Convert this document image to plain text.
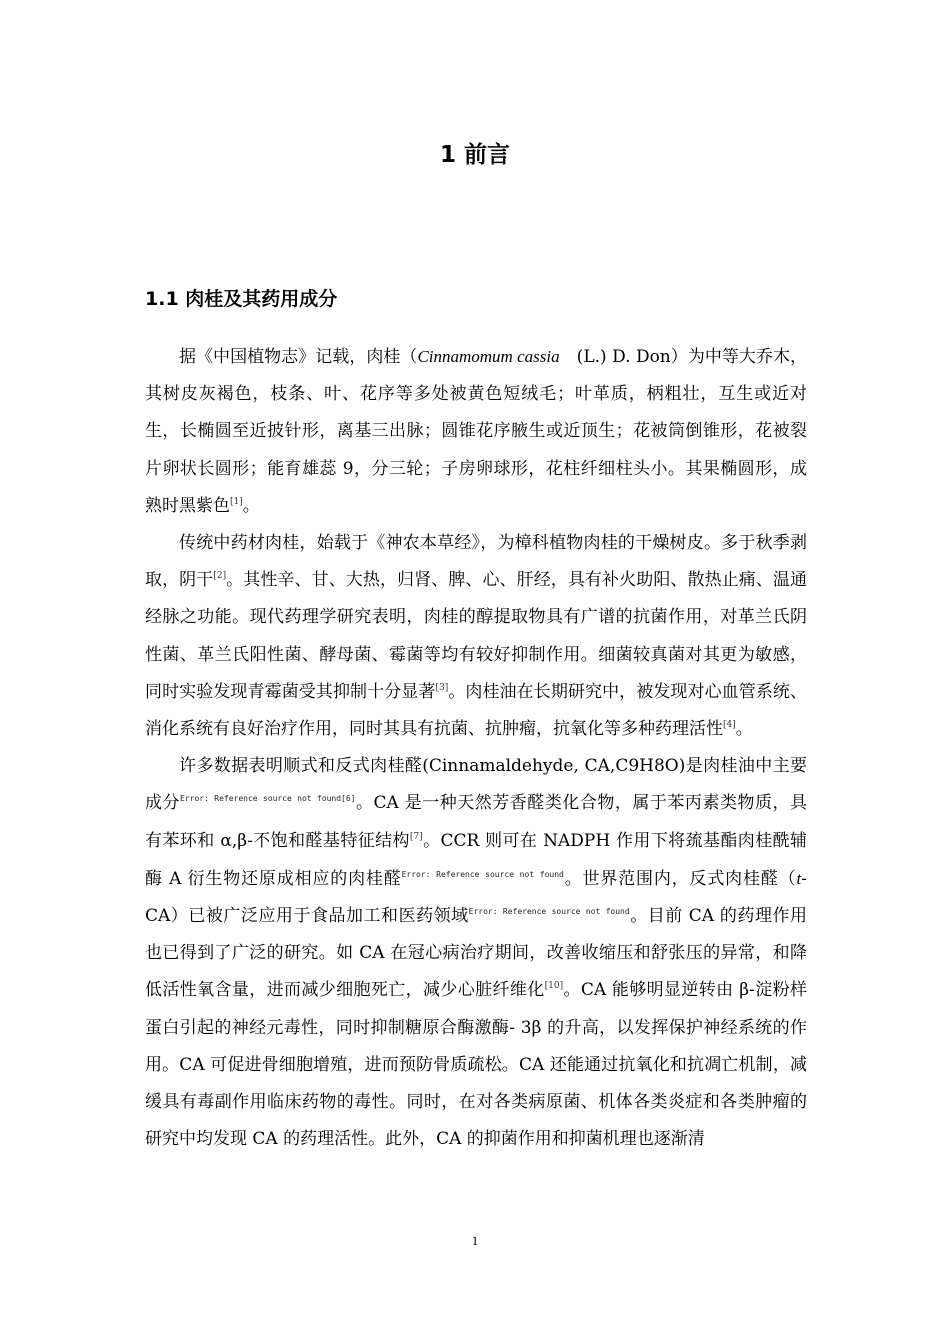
1 前言
1.1 肉桂及其药用成分

据《中国植物志》记载，肉桂（Cinnamomum cassia　(L.) D. Don）为中等大乔木，其树皮灰褐色，枝条、叶、花序等多处被黄色短绒毛；叶革质，柄粗壮，互生或近对生，长椭圆至近披针形，离基三出脉；圆锥花序腋生或近顶生；花被筒倒锥形，花被裂片卵状长圆形；能育雄蕊 9，分三轮；子房卵球形，花柱纤细柱头小。其果椭圆形，成熟时黑紫色[1]。

传统中药材肉桂，始载于《神农本草经》，为樟科植物肉桂的干燥树皮。多于秋季剥取，阴干[2]。其性辛、甘、大热，归肾、脾、心、肝经，具有补火助阳、散热止痛、温通经脉之功能。现代药理学研究表明，肉桂的醇提取物具有广谱的抗菌作用，对革兰氏阴性菌、革兰氏阳性菌、酵母菌、霉菌等均有较好抑制作用。细菌较真菌对其更为敏感，同时实验发现青霉菌受其抑制十分显著[3]。肉桂油在长期研究中，被发现对心血管系统、消化系统有良好治疗作用，同时其具有抗菌、抗肿瘤，抗氧化等多种药理活性[4]。

许多数据表明顺式和反式肉桂醛(Cinnamaldehyde, CA,C9H8O)是肉桂油中主要成分$^{Error: Reference source not found[6]}$。CA 是一种天然芳香醛类化合物，属于苯丙素类物质，具有苯环和 α,β-不饱和醛基特征结构[7]。CCR 则可在 NADPH 作用下将巯基酯肉桂酰辅酶 A 衍生物还原成相应的肉桂醛$^{Error: Reference source not found}$。世界范围内，反式肉桂醛（t-CA）已被广泛应用于食品加工和医药领域$^{Error: Reference source not found}$。目前 CA 的药理作用也已得到了广泛的研究。如 CA 在冠心病治疗期间，改善收缩压和舒张压的异常，和降低活性氧含量，进而减少细胞死亡，减少心脏纤维化[10]。CA 能够明显逆转由 β-淀粉样蛋白引起的神经元毒性，同时抑制糖原合酶激酶- 3β 的升高，以发挥保护神经系统的作用。CA 可促进骨细胞增殖，进而预防骨质疏松。CA 还能通过抗氧化和抗凋亡机制，减缓具有毒副作用临床药物的毒性。同时，在对各类病原菌、机体各类炎症和各类肿瘤的研究中均发现 CA 的药理活性。此外，CA 的抑菌作用和抑菌机理也逐渐清

1
